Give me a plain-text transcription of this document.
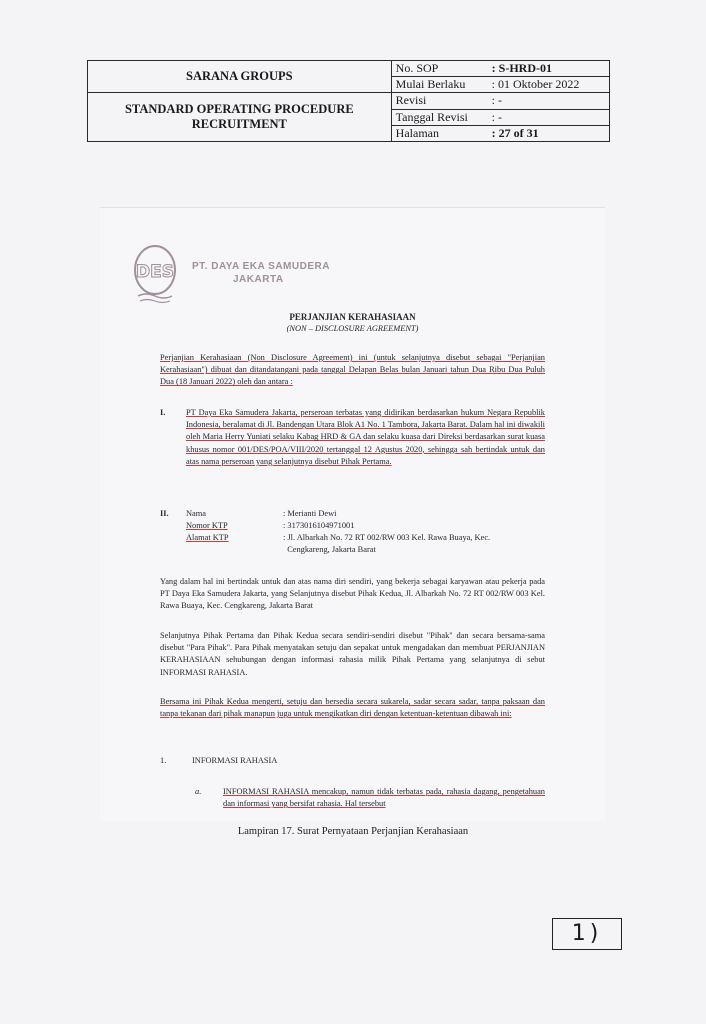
SARANA GROUPS	No. SOP	: S-HRD-01
	Mulai Berlaku	: 01 Oktober 2022
STANDARD OPERATING PROCEDURE
RECRUITMENT	Revisi	: -
	Tanggal Revisi	: -
	Halaman	: 27 of 31
DES PT. DAYA EKA SAMUDERA
JAKARTA
PERJANJIAN KERAHASIAAN
(NON – DISCLOSURE AGREEMENT)
Perjanjian Kerahasiaan (Non Disclosure Agreement) ini (untuk selanjutnya disebut sebagai "Perjanjian Kerahasiaan") dibuat dan ditandatangani pada tanggal Delapan Belas bulan Januari tahun Dua Ribu Dua Puluh Dua (18 Januari 2022) oleh dan antara :
I. PT Daya Eka Samudera Jakarta, perseroan terbatas yang didirikan berdasarkan hukum Negara Republik Indonesia, beralamat di Jl. Bandengan Utara Blok A1 No. 1 Tambora, Jakarta Barat. Dalam hal ini diwakili oleh Maria Herry Yuniati selaku Kabag HRD & GA dan selaku kuasa dari Direksi berdasarkan surat kuasa khusus nomor 001/DES/POA/VIII/2020 tertanggal 12 Agustus 2020, sehingga sah bertindak untuk dan atas nama perseroan yang selanjutnya disebut Pihak Pertama.
II. Nama	: Merianti Dewi
Nomor KTP	: 3173016104971001
Alamat KTP	: Jl. Albarkah No. 72 RT 002/RW 003 Kel. Rawa Buaya, Kec.
Cengkareng, Jakarta Barat
Yang dalam hal ini bertindak untuk dan atas nama diri sendiri, yang bekerja sebagai karyawan atau pekerja pada PT Daya Eka Samudera Jakarta, yang Selanjutnya disebut Pihak Kedua, Jl. Albarkah No. 72 RT 002/RW 003 Kel. Rawa Buaya, Kec. Cengkareng, Jakarta Barat
Selanjutnya Pihak Pertama dan Pihak Kedua secara sendiri-sendiri disebut "Pihak" dan secara bersama-sama disebut "Para Pihak". Para Pihak menyatakan setuju dan sepakat untuk mengadakan dan membuat PERJANJIAN KERAHASIAAN sehubungan dengan informasi rahasia milik Pihak Pertama yang selanjutnya di sebut INFORMASI RAHASIA.
Bersama ini Pihak Kedua mengerti, setuju dan bersedia secara sukarela, sadar secara sadar, tanpa paksaan dan tanpa tekanan dari pihak manapun juga untuk mengikatkan diri dengan ketentuan-ketentuan dibawah ini:
1.	INFORMASI RAHASIA
a.	INFORMASI RAHASIA mencakup, namun tidak terbatas pada, rahasia dagang, pengetahuan dan informasi yang bersifat rahasia. Hal tersebut
Lampiran 17. Surat Pernyataan Perjanjian Kerahasiaan
1)
